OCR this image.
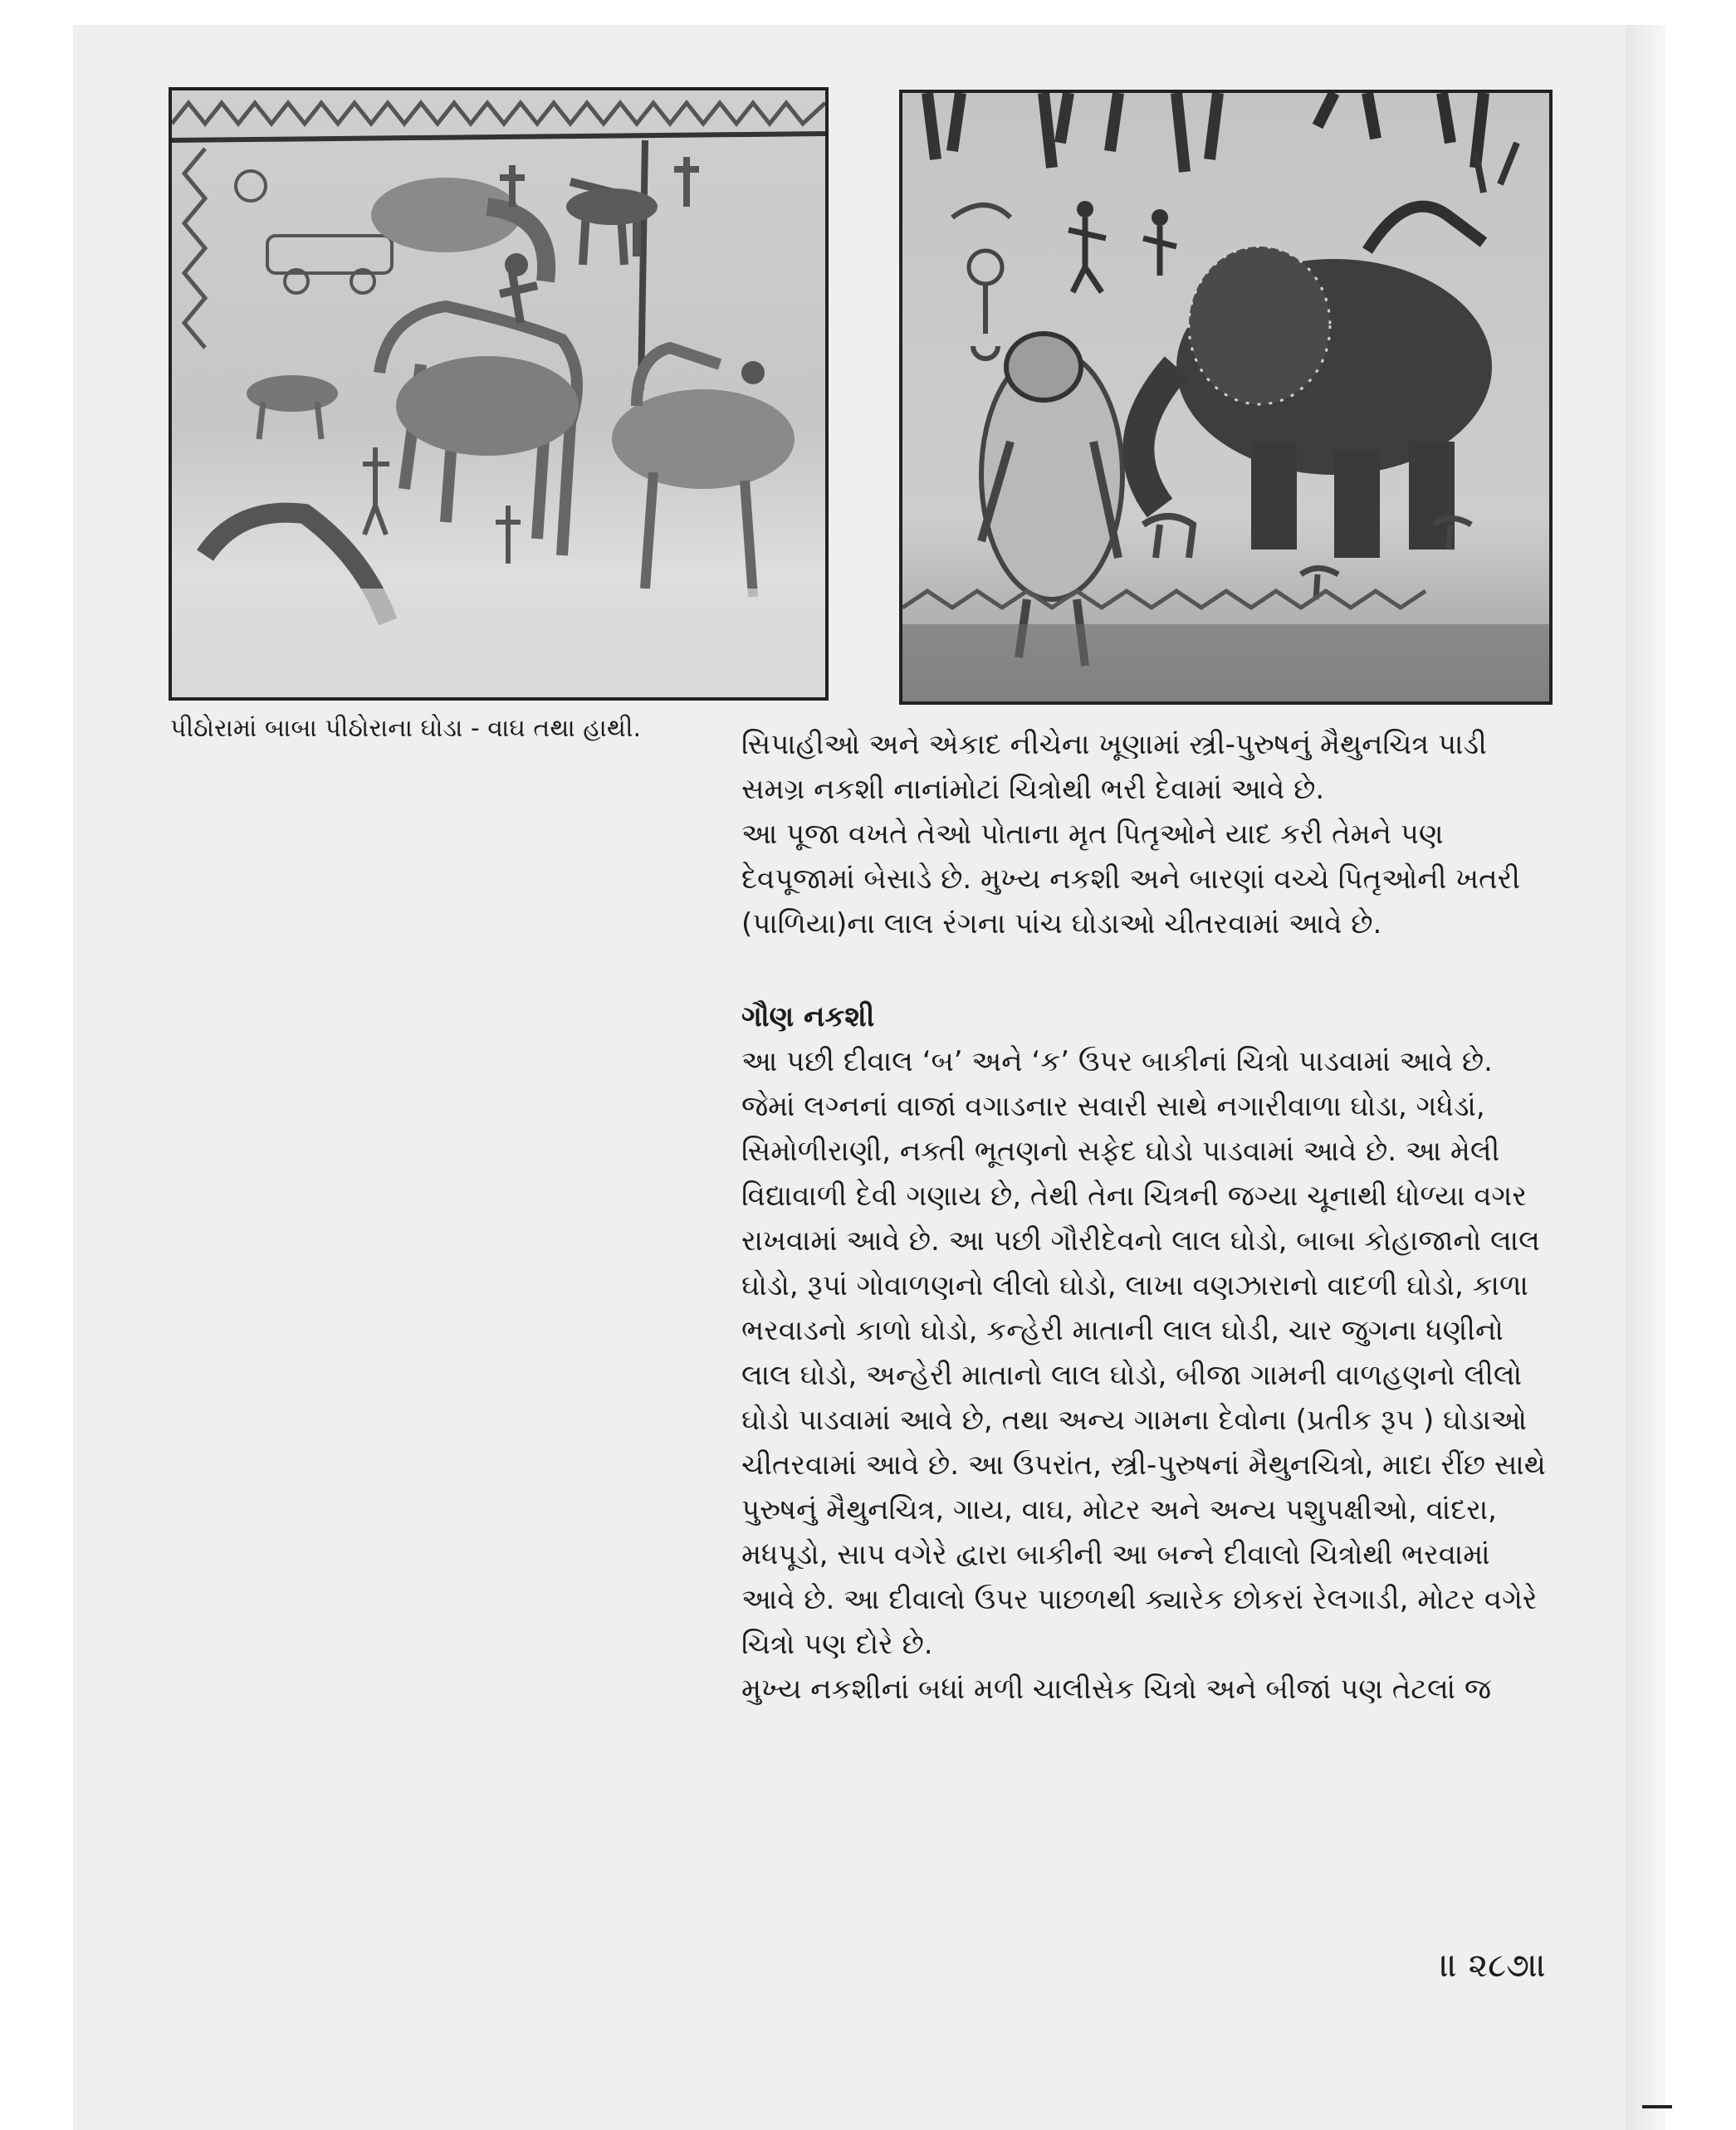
પીઠોરામાં બાબા પીઠોરાના ઘોડા - વાઘ તથા હાથી.	સિપાહીઓ અને એકાદ નીચેના ખૂણામાં સ્ત્રી-પુરુષનું મૈથુનચિત્ર પાડી સમગ્ર નકશી નાનાંમોટાં ચિત્રોથી ભરી દેવામાં આવે છે.

આ પૂજા વખતે તેઓ પોતાના મૃત પિતૃઓને યાદ કરી તેમને પણ દેવપૂજામાં બેસાડે છે. મુખ્ય નકશી અને બારણાં વચ્ચે પિતૃઓની ખતરી (પાળિયા)ના લાલ રંગના પાંચ ઘોડાઓ ચીતરવામાં આવે છે.

ગૌણ નકશી

આ પછી દીવાલ ‘બ’ અને ‘ક’ ઉપર બાકીનાં ચિત્રો પાડવામાં આવે છે. જેમાં લગ્નનાં વાજાં વગાડનાર સવારી સાથે નગારીવાળા ઘોડા, ગધેડાં, સિમોળીરાણી, નક્તી ભૂતણનો સફેદ ઘોડો પાડવામાં આવે છે. આ મેલી વિદ્યાવાળી દેવી ગણાય છે, તેથી તેના ચિત્રની જગ્યા ચૂનાથી ધોળ્યા વગર રાખવામાં આવે છે. આ પછી ગૌરીદેવનો લાલ ઘોડો, બાબા કોહાજાનો લાલ ઘોડો, રૂપાં ગોવાળણનો લીલો ઘોડો, લાખા વણઝારાનો વાદળી ઘોડો, કાળા ભરવાડનો કાળો ઘોડો, કન્હેરી માતાની લાલ ઘોડી, ચાર જુગના ધણીનો લાલ ઘોડો, અન્હેરી માતાનો લાલ ઘોડો, બીજા ગામની વાળહણનો લીલો ઘોડો પાડવામાં આવે છે, તથા અન્ય ગામના દેવોના (પ્રતીક રૂપ ) ઘોડાઓ ચીતરવામાં આવે છે. આ ઉપરાંત, સ્ત્રી-પુરુષનાં મૈથુનચિત્રો, માદા રીંછ સાથે પુરુષનું મૈથુનચિત્ર, ગાય, વાઘ, મોટર અને અન્ય પશુપક્ષીઓ, વાંદરા, મધપૂડો, સાપ વગેરે દ્વારા બાકીની આ બન્ને દીવાલો ચિત્રોથી ભરવામાં આવે છે. આ દીવાલો ઉપર પાછળથી ક્યારેક છોકરાં રેલગાડી, મોટર વગેરે ચિત્રો પણ દોરે છે.

મુખ્ય નકશીનાં બધાં મળી ચાલીસેક ચિત્રો અને બીજાં પણ તેટલાં જ

॥ ૨૮૭॥
